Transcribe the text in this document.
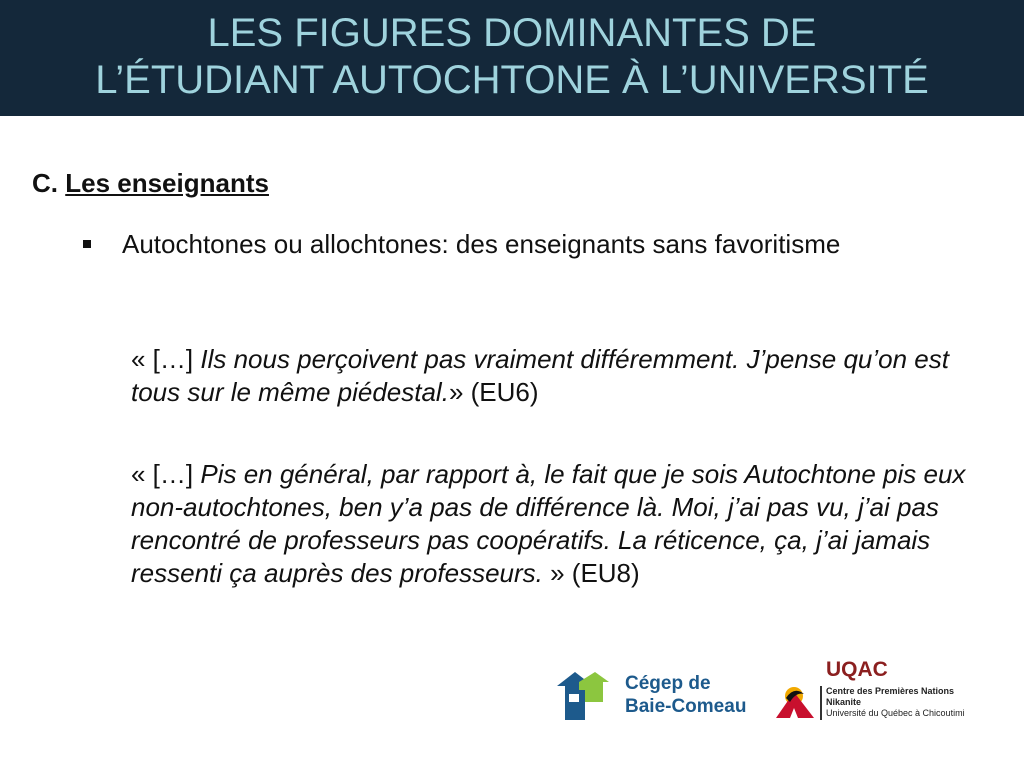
LES FIGURES DOMINANTES DE
L’ÉTUDIANT AUTOCHTONE À L’UNIVERSITÉ
C. Les enseignants
Autochtones ou allochtones: des enseignants sans favoritisme
« […] Ils nous perçoivent pas vraiment différemment. J’pense qu’on est tous sur le même piédestal.» (EU6)
« […] Pis en général, par rapport à, le fait que je sois Autochtone pis eux non-autochtones, ben y’a pas de différence là. Moi, j’ai pas vu, j’ai pas rencontré de professeurs pas coopératifs. La réticence, ça, j’ai jamais ressenti ça auprès des professeurs. » (EU8)
Cégep de
Baie-Comeau
UQAC
Centre des Premières Nations
Nikanite
Université du Québec à Chicoutimi
